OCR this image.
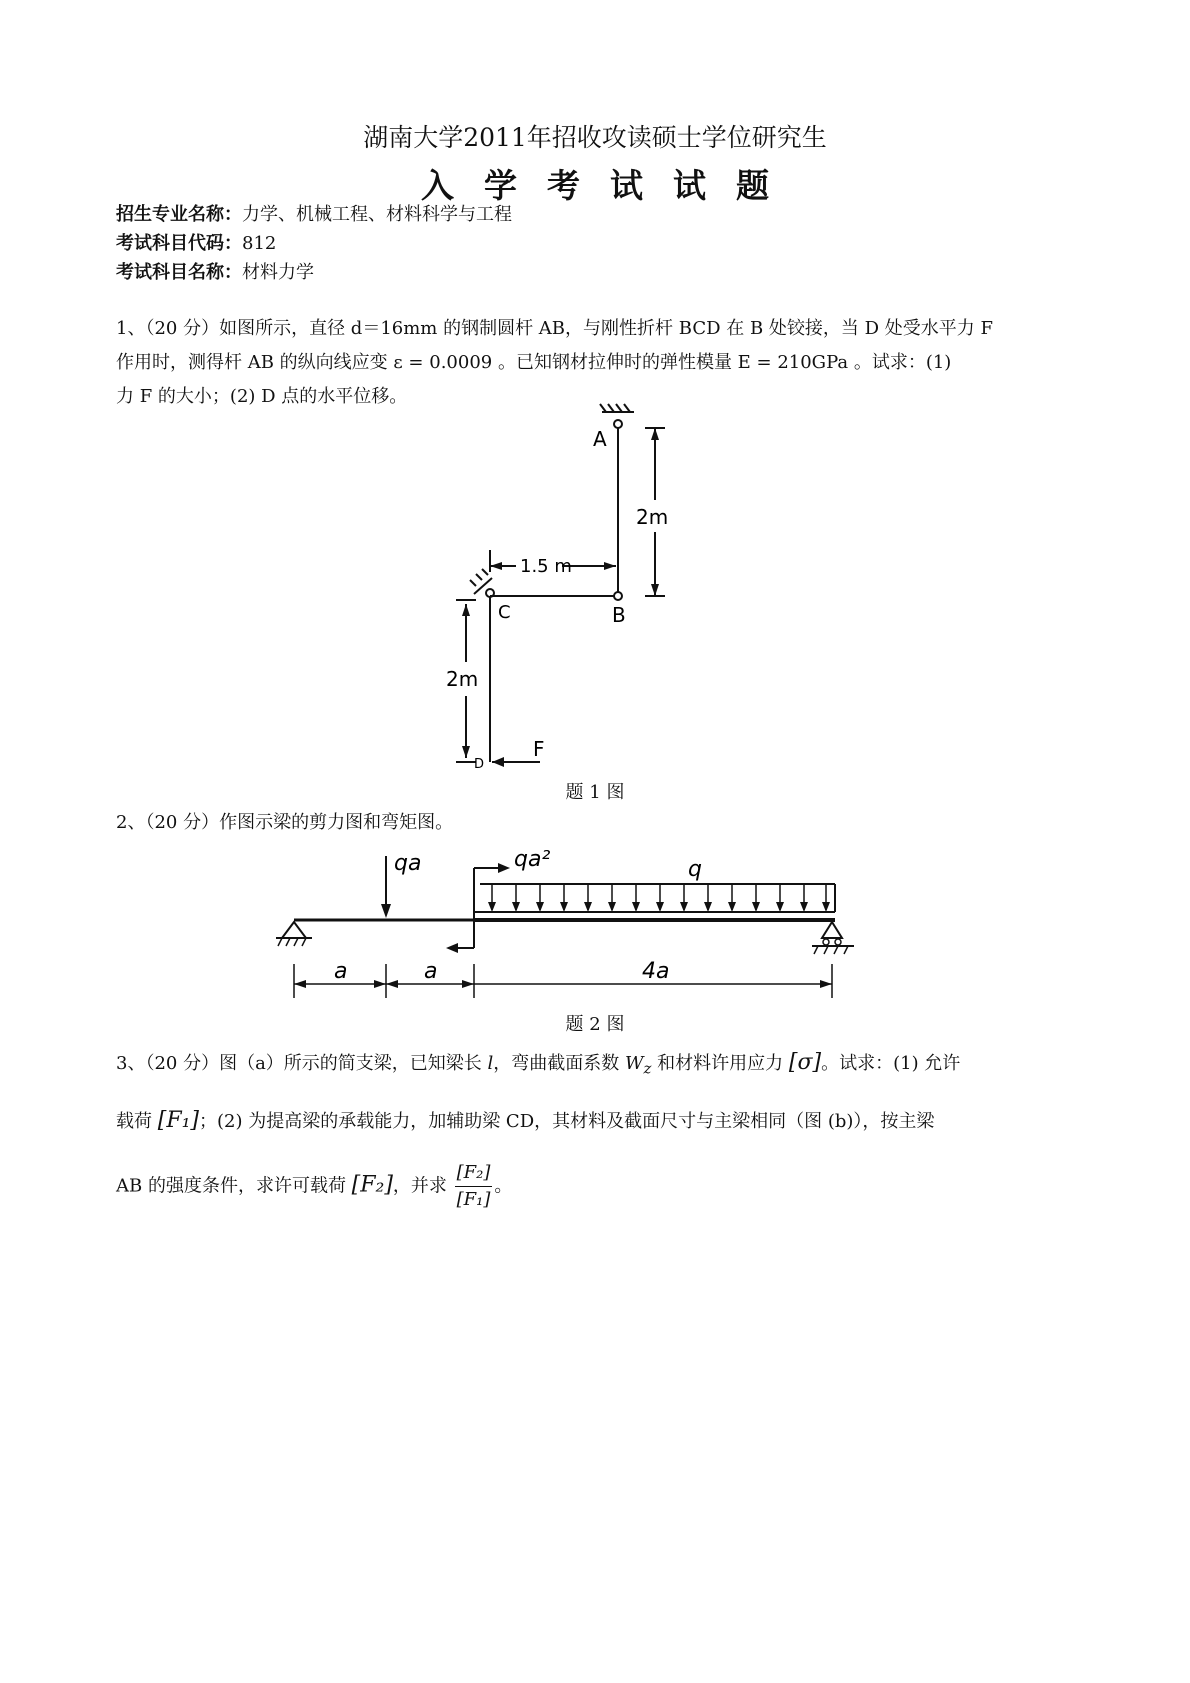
湖南大学2011年招收攻读硕士学位研究生
入学考试试题
招生专业名称：力学、机械工程、材料科学与工程
考试科目代码：812
考试科目名称：材料力学
1、（20 分）如图所示，直径 d＝16mm 的钢制圆杆 AB，与刚性折杆 BCD 在 B 处铰接，当 D 处受水平力 F
作用时，测得杆 AB 的纵向线应变 ε = 0.0009 。已知钢材拉伸时的弹性模量 E = 210GPa 。试求：(1)
力 F 的大小；(2) D 点的水平位移。
A
B
C
D
F
2m
1.5 m
2m
题 1 图
2、（20 分）作图示梁的剪力图和弯矩图。
qa	qa²	q
a	a	4a
题 2 图
3、（20 分）图（a）所示的简支梁，已知梁长 l，弯曲截面系数 $W_z$ 和材料许用应力 [σ]。试求：(1) 允许
载荷 [F₁]；(2) 为提高梁的承载能力，加辅助梁 CD，其材料及截面尺寸与主梁相同（图 (b)），按主梁
AB 的强度条件，求许可载荷 [F₂]，并求 $\frac{\text{[F₂]}}{\text{[F₁]}}$ 。
